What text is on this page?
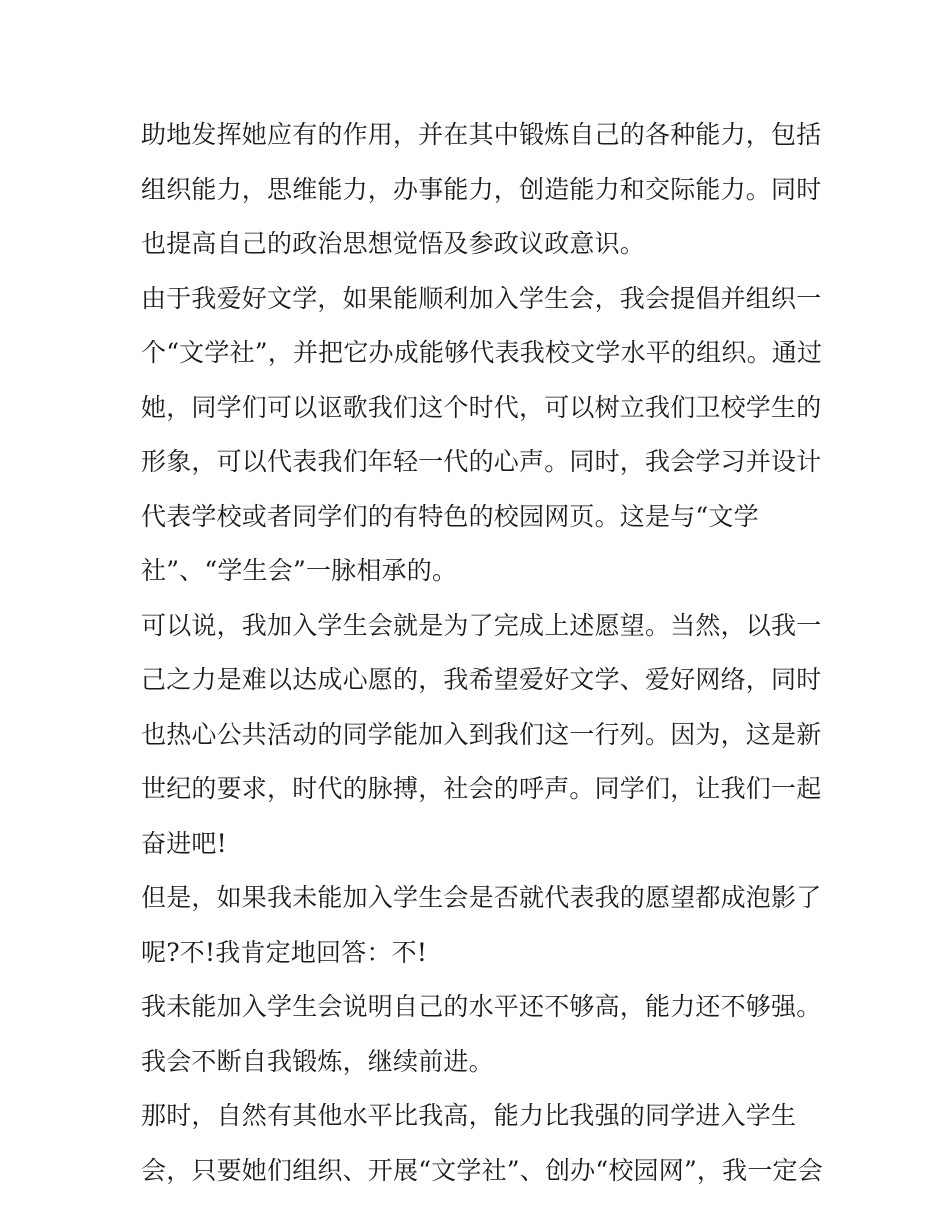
助地发挥她应有的作用，并在其中锻炼自己的各种能力，包括
组织能力，思维能力，办事能力，创造能力和交际能力。同时
也提高自己的政治思想觉悟及参政议政意识。
由于我爱好文学，如果能顺利加入学生会，我会提倡并组织一
个“文学社”，并把它办成能够代表我校文学水平的组织。通过
她，同学们可以讴歌我们这个时代，可以树立我们卫校学生的
形象，可以代表我们年轻一代的心声。同时，我会学习并设计
代表学校或者同学们的有特色的校园网页。这是与“文学
社”、“学生会”一脉相承的。
可以说，我加入学生会就是为了完成上述愿望。当然，以我一
己之力是难以达成心愿的，我希望爱好文学、爱好网络，同时
也热心公共活动的同学能加入到我们这一行列。因为，这是新
世纪的要求，时代的脉搏，社会的呼声。同学们，让我们一起
奋进吧!
但是，如果我未能加入学生会是否就代表我的愿望都成泡影了
呢?不!我肯定地回答：不!
我未能加入学生会说明自己的水平还不够高，能力还不够强。
我会不断自我锻炼，继续前进。
那时，自然有其他水平比我高，能力比我强的同学进入学生
会，只要她们组织、开展“文学社”、创办“校园网”，我一定会
